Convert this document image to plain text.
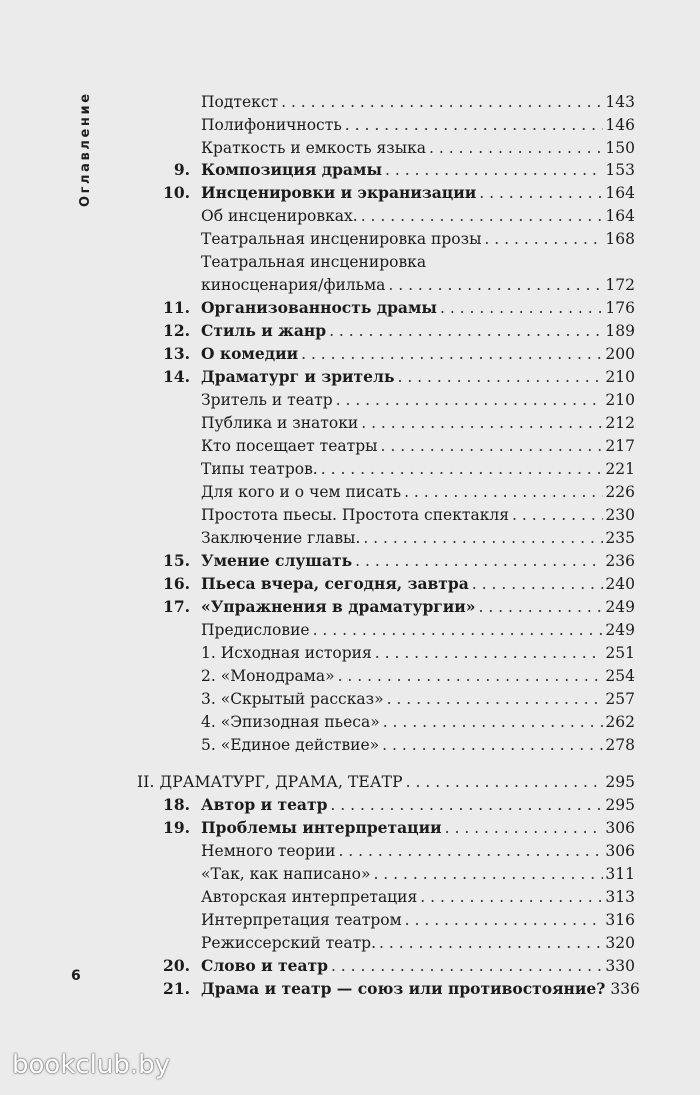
Оглавление	Подтекст . . .	143
Полифоничность . . .	146
Краткость и емкость языка . . .	150
9. Композиция драмы . . .	153
10. Инсценировки и экранизации . . .	164
Об инсценировках. . . .	164
Театральная инсценировка прозы . . .	168
Театральная инсценировка
киносценария/фильма . . .	172
11. Организованность драмы . . .	176
12. Стиль и жанр . . .	189
13. О комедии . . .	200
14. Драматург и зритель . . .	210
Зритель и театр . . .	210
Публика и знатоки . . .	212
Кто посещает театры . . .	217
Типы театров. . . .	221
Для кого и о чем писать . . .	226
Простота пьесы. Простота спектакля . . .	230
Заключение главы. . . .	235
15. Умение слушать . . .	236
16. Пьеса вчера, сегодня, завтра . . .	240
17. «Упражнения в драматургии» . . .	249
Предисловие . . .	249
1. Исходная история . . .	251
2. «Монодрама» . . .	254
3. «Скрытый рассказ» . . .	257
4. «Эпизодная пьеса» . . .	262
5. «Единое действие» . . .	278
II. ДРАМАТУРГ, ДРАМА, ТЕАТР . . .	295
18. Автор и театр . . .	295
19. Проблемы интерпретации . . .	306
Немного теории . . .	306
«Так, как написано» . . .	311
Авторская интерпретация . . .	313
Интерпретация театром . . .	316
Режиссерский театр. . . .	320
20. Слово и театр . . .	330
21. Драма и театр — союз или противостояние? 336
6
bookclub.by
